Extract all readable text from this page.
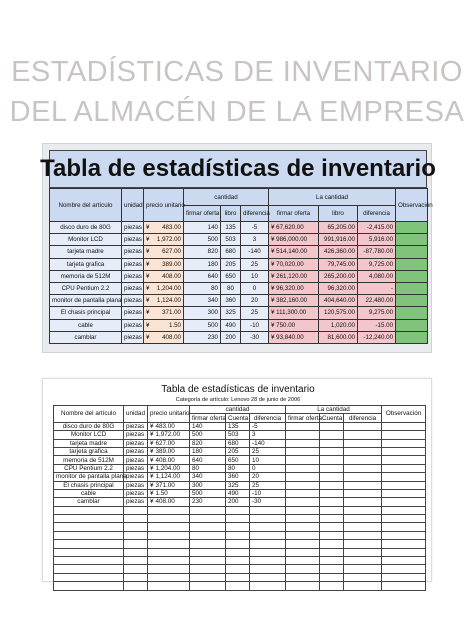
ESTADÍSTICAS DE INVENTARIO
DEL ALMACÉN DE LA EMPRESA
Tabla de estadísticas de inventario
Nombre del artículo	unidad	precio unitario	cantidad			La cantidad			Observación
			firmar oferta	libro	diferencia	firmar oferta	libro	diferencia	
disco duro de 80G	piezas	¥ 483.00	140	135	-5	¥ 67,620.00	65,205.00	-2,415.00	
Monitor LCD	piezas	¥ 1,972.00	500	503	3	¥ 986,000.00	991,916.00	5,916.00	
tarjeta madre	piezas	¥ 627.00	820	680	-140	¥ 514,140.00	426,360.00	-87,780.00	
tarjeta grafica	piezas	¥ 389.00	180	205	25	¥ 70,020.00	79,745.00	9,725.00	
memoria de 512M	piezas	¥ 408.00	640	650	10	¥ 261,120.00	265,200.00	4,080.00	
CPU Pentium 2.2	piezas	¥ 1,204.00	80	80	0	¥ 96,320.00	96,320.00	-	
monitor de pantalla plana	piezas	¥ 1,124.00	340	360	20	¥ 382,160.00	404,640.00	22,480.00	
El chasis principal	piezas	¥ 371.00	300	325	25	¥ 111,300.00	120,575.00	9,275.00	
cable	piezas	¥ 1.50	500	490	-10	¥ 750.00	1,020.00	-15.00	
camblar	piezas	¥ 408.00	230	200	-30	¥ 93,840.00	81,600.00	-12,240.00	
Tabla de estadísticas de inventario
Categoría de artículo: Lenovo 28 de junio de 2006
Nombre del artículo	unidad	precio unitario	cantidad			La cantidad			Observación
			firmar oferta	Cuenta	diferencia	firmar oferta	Cuenta	diferencia	
disco duro de 80G	piezas	¥ 483.00	140	135	-5				
Monitor LCD	piezas	¥ 1,972.00	500	503	3				
tarjeta madre	piezas	¥ 627.00	820	680	-140				
tarjeta grafica	piezas	¥ 389.00	180	205	25				
memoria de 512M	piezas	¥ 408.00	640	650	10				
CPU Pentium 2.2	piezas	¥ 1,204.00	80	80	0				
monitor de pantalla plana	piezas	¥ 1,124.00	340	360	20				
El chasis principal	piezas	¥ 371.00	300	325	25				
cable	piezas	¥ 1.50	500	490	-10				
camblar	piezas	¥ 408.00	230	200	-30				
